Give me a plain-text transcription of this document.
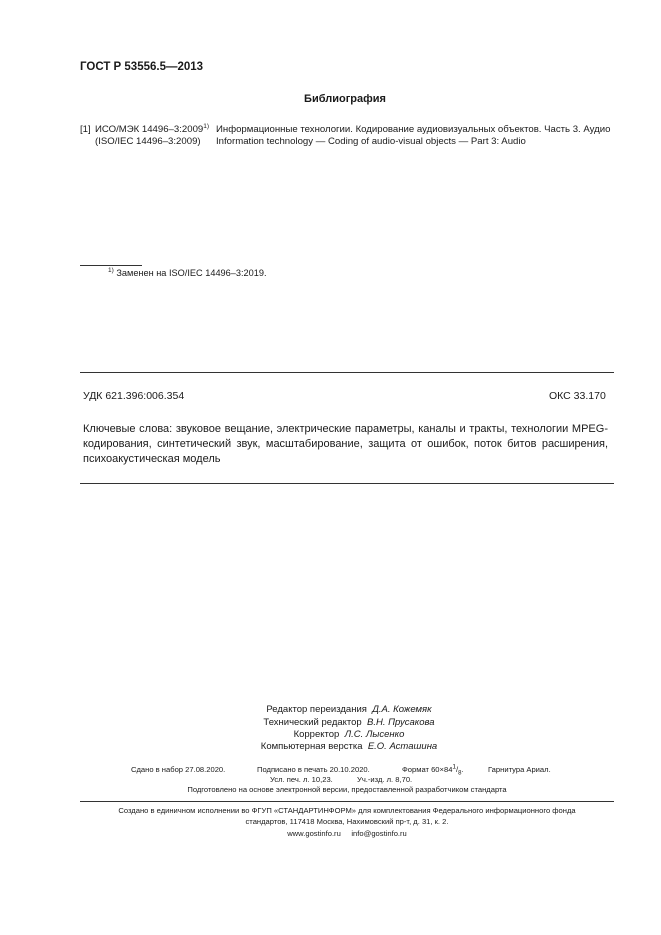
ГОСТ Р 53556.5—2013
Библиография
[1] ИСО/МЭК 14496–3:2009$^{1)}$ Информационные технологии. Кодирование аудиовизуальных объектов. Часть 3. Аудио
(ISO/IEC 14496–3:2009) Information technology — Coding of audio-visual objects — Part 3: Audio
$^{1)}$ Заменен на ISO/IEC 14496–3:2019.
УДК 621.396:006.354	ОКС 33.170
Ключевые слова: звуковое вещание, электрические параметры, каналы и тракты, технологии MPEG-
кодирования, синтетический звук, масштабирование, защита от ошибок, поток битов расширения,
психоакустическая модель
Редактор переиздания Д.А. Кожемяк
Технический редактор В.Н. Прусакова
Корректор Л.С. Лысенко
Компьютерная верстка Е.О. Асташина
Сдано в набор 27.08.2020.	Подписано в печать 20.10.2020.	Формат $60\times 84^1/_8$.	Гарнитура Ариал.
Усл. печ. л. 10,23.	Уч.-изд. л. 8,70.
Подготовлено на основе электронной версии, предоставленной разработчиком стандарта
Создано в единичном исполнении во ФГУП «СТАНДАРТИНФОРМ» для комплектования Федерального информационного фонда
стандартов, 117418 Москва, Нахимовский пр-т, д. 31, к. 2.
www.gostinfo.ru info@gostinfo.ru
